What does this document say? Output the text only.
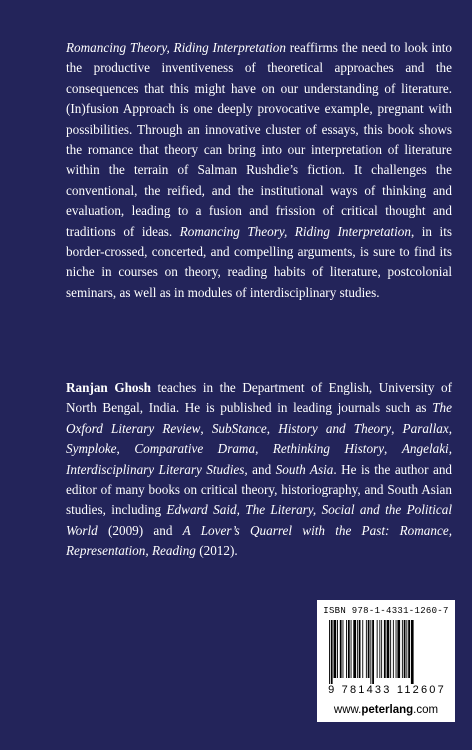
Romancing Theory, Riding Interpretation reaffirms the need to look into the productive inventiveness of theoretical approaches and the consequences that this might have on our understanding of literature. (In)fusion Approach is one deeply provocative example, pregnant with possibilities. Through an innovative cluster of essays, this book shows the romance that theory can bring into our interpretation of literature within the terrain of Salman Rushdie’s fiction. It challenges the conventional, the reified, and the institutional ways of thinking and evaluation, leading to a fusion and frission of critical thought and traditions of ideas. Romancing Theory, Riding Interpretation, in its border-crossed, concerted, and compelling arguments, is sure to find its niche in courses on theory, reading habits of literature, postcolonial seminars, as well as in modules of interdisciplinary studies.

Ranjan Ghosh teaches in the Department of English, University of North Bengal, India. He is published in leading journals such as The Oxford Literary Review, SubStance, History and Theory, Parallax, Symploke, Comparative Drama, Rethinking History, Angelaki, Interdisciplinary Literary Studies, and South Asia. He is the author and editor of many books on critical theory, historiography, and South Asian studies, including Edward Said, The Literary, Social and the Political World (2009) and A Lover’s Quarrel with the Past: Romance, Representation, Reading (2012).

ISBN 978-1-4331-1260-7
9 781433 112607
www.peterlang.com
